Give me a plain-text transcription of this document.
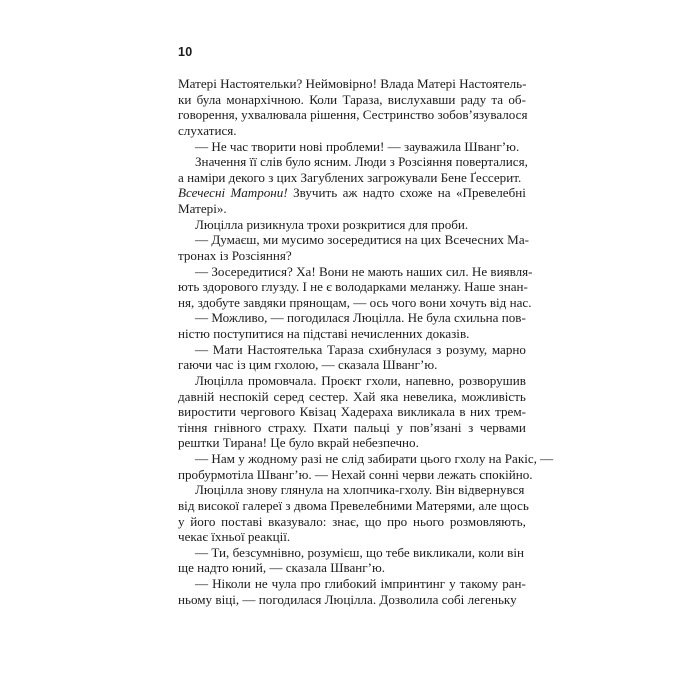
10
Матері Настоятельки? Неймовірно! Влада Матері Настоятель-
ки була монархічною. Коли Тараза, вислухавши раду та об-
говорення, ухвалювала рішення, Сестринство зобов’язувалося
слухатися.
— Не час творити нові проблеми! — зауважила Шванг’ю.
Значення її слів було ясним. Люди з Розсіяння поверталися,
а наміри декого з цих Загублених загрожували Бене Ґессерит.
Всечесні Матрони! Звучить аж надто схоже на «Превелебні
Матері».
Люцілла ризикнула трохи розкритися для проби.
— Думаєш, ми мусимо зосередитися на цих Всечесних Ма-
тронах із Розсіяння?
— Зосередитися? Ха! Вони не мають наших сил. Не виявля-
ють здорового глузду. І не є володарками меланжу. Наше знан-
ня, здобуте завдяки прянощам, — ось чого вони хочуть від нас.
— Можливо, — погодилася Люцілла. Не була схильна пов-
ністю поступитися на підставі нечисленних доказів.
— Мати Настоятелька Тараза схибнулася з розуму, марно
гаючи час із цим гхолою, — сказала Шванг’ю.
Люцілла промовчала. Проєкт гхоли, напевно, розворушив
давній неспокій серед сестер. Хай яка невелика, можливість
виростити чергового Квізац Хадераха викликала в них трем-
тіння гнівного страху. Пхати пальці у пов’язані з червами
рештки Тирана! Це було вкрай небезпечно.
— Нам у жодному разі не слід забирати цього гхолу на Ракіс, —
пробурмотіла Шванг’ю. — Нехай сонні черви лежать спокійно.
Люцілла знову глянула на хлопчика-гхолу. Він відвернувся
від високої галереї з двома Превелебними Матерями, але щось
у його поставі вказувало: знає, що про нього розмовляють,
чекає їхньої реакції.
— Ти, безсумнівно, розумієш, що тебе викликали, коли він
ще надто юний, — сказала Шванг’ю.
— Ніколи не чула про глибокий імпринтинг у такому ран-
ньому віці, — погодилася Люцілла. Дозволила собі легеньку
